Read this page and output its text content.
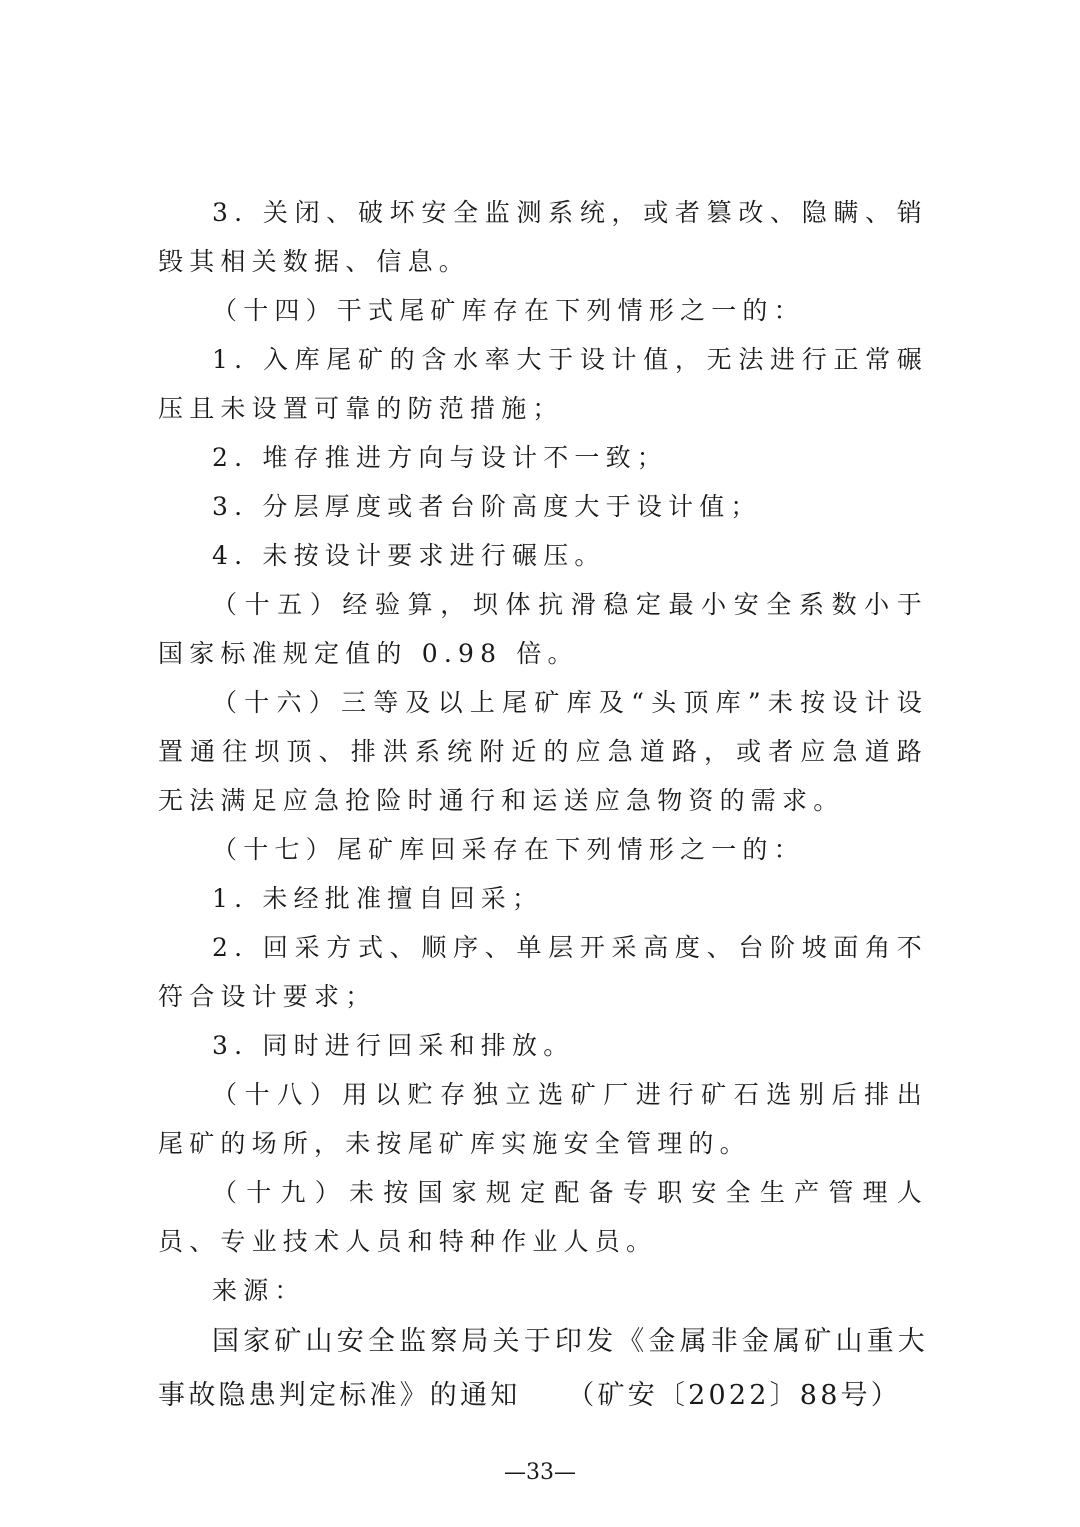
3. 关闭、破坏安全监测系统，或者篡改、隐瞒、销毁其相关数据、信息。

（十四）干式尾矿库存在下列情形之一的：

1. 入库尾矿的含水率大于设计值，无法进行正常碾压且未设置可靠的防范措施；

2. 堆存推进方向与设计不一致；

3. 分层厚度或者台阶高度大于设计值；

4. 未按设计要求进行碾压。

（十五）经验算，坝体抗滑稳定最小安全系数小于国家标准规定值的 0.98 倍。

（十六）三等及以上尾矿库及“头顶库”未按设计设置通往坝顶、排洪系统附近的应急道路，或者应急道路无法满足应急抢险时通行和运送应急物资的需求。

（十七）尾矿库回采存在下列情形之一的：

1. 未经批准擅自回采；

2. 回采方式、顺序、单层开采高度、台阶坡面角不符合设计要求；

3. 同时进行回采和排放。

（十八）用以贮存独立选矿厂进行矿石选别后排出尾矿的场所，未按尾矿库实施安全管理的。

（十九）未按国家规定配备专职安全生产管理人员、专业技术人员和特种作业人员。

来源：

国家矿山安全监察局关于印发《金属非金属矿山重大事故隐患判定标准》的通知　　（矿安〔2022〕88号）

—33—
